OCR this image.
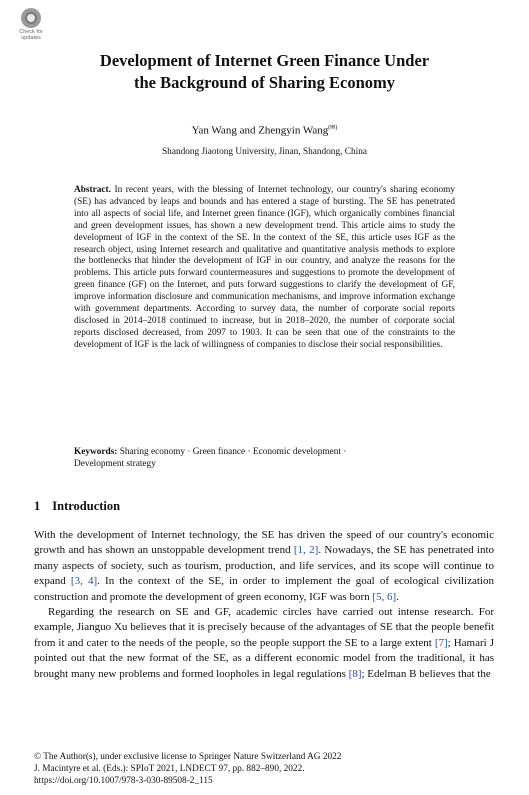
Check for
updates
Development of Internet Green Finance Under
the Background of Sharing Economy
Yan Wang and Zhengyin Wang(✉)
Shandong Jiaotong University, Jinan, Shandong, China
Abstract. In recent years, with the blessing of Internet technology, our country's sharing economy (SE) has advanced by leaps and bounds and has entered a stage of bursting. The SE has penetrated into all aspects of social life, and Internet green finance (IGF), which organically combines financial and green development issues, has shown a new development trend. This article aims to study the development of IGF in the context of the SE. In the context of the SE, this article uses IGF as the research object, using Internet research and qualitative and quantitative analysis methods to explore the bottlenecks that hinder the development of IGF in our country, and analyze the reasons for the problems. This article puts forward countermeasures and suggestions to promote the development of green finance (GF) on the Internet, and puts forward suggestions to clarify the development of GF, improve information disclosure and communication mechanisms, and improve information exchange with government departments. According to survey data, the number of corporate social reports disclosed in 2014–2018 continued to increase, but in 2018–2020, the number of corporate social reports disclosed decreased, from 2097 to 1903. It can be seen that one of the constraints to the development of IGF is the lack of willingness of companies to disclose their social responsibilities.
Keywords: Sharing economy · Green finance · Economic development ·
Development strategy
1 Introduction

With the development of Internet technology, the SE has driven the speed of our country's economic growth and has shown an unstoppable development trend [1, 2]. Nowadays, the SE has penetrated into many aspects of society, such as tourism, production, and life services, and its scope will continue to expand [3, 4]. In the context of the SE, in order to implement the goal of ecological civilization construction and promote the development of green economy, IGF was born [5, 6].

Regarding the research on SE and GF, academic circles have carried out intense research. For example, Jianguo Xu believes that it is precisely because of the advantages of SE that the people benefit from it and cater to the needs of the people, so the people support the SE to a large extent [7]; Hamari J pointed out that the new format of the SE, as a different economic model from the traditional, it has brought many new problems and formed loopholes in legal regulations [8]; Edelman B believes that the

© The Author(s), under exclusive license to Springer Nature Switzerland AG 2022
J. Macintyre et al. (Eds.): SPIoT 2021, LNDECT 97, pp. 882–890, 2022.
https://doi.org/10.1007/978-3-030-89508-2_115
